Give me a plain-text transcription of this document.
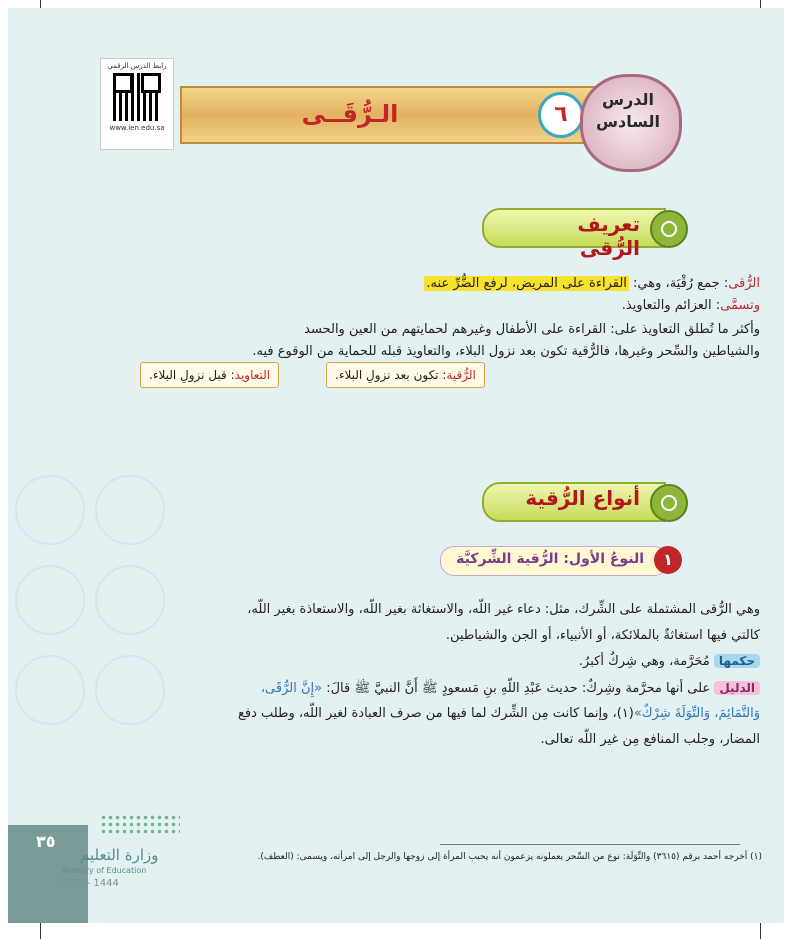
رابط الدرس الرقمي
www.ien.edu.sa	الـرُّقَــى	٦
الدرس
السادس
تعريف الرُّقى
الرُّقى: جمع رُقْيَة، وهي: القراءة على المريض، لرفع الضُّرِّ عنه.
وتسمَّى: العزائم والتعاويذ.
وأكثر ما تُطلق التعاويذ على: القراءة على الأطفال وغيرهم لحمايتهم من العين والحسد
والشياطين والسِّحر وغيرها، فالرُّقية تكون بعد نزول البلاء، والتعاويذ قبله للحماية من الوقوع فيه.
الرُّقية: تكون بعد نزولِ البلاء.
التعاويذ: قبل نزولِ البلاء.
أنواع الرُّقية
١
النوعُ الأول: الرُّقية الشِّركيَّة
وهي الرُّقى المشتملة على الشِّرك، مثل: دعاء غير اللّه، والاستغاثة بغير اللّه، والاستعاذة بغير اللّه،
كالتي فيها استغاثةٌ بالملائكة، أو الأنبياء، أو الجن والشياطين.
حكمها مُحَرَّمة، وهي شِركٌ أكبرُ.
الدليل على أنها محرَّمة وشِركٌ: حديث عَبْدِ اللّهِ بنِ مَسعودٍ ﷺ أَنَّ النبيَّ ﷺ قالَ: «إِنَّ الرُّقَى،
وَالتَّمَائِمَ، وَالتِّوَلَةَ شِرْكٌ»(١)، وإنما كانت مِن الشِّرك لما فيها من صرف العبادة لغير اللّه، وطلب دفع
المضار، وجلب المنافع مِن غير اللّه تعالى.
(١) أخرجه أحمد برقم (٣٦١٥) والتِّوَلَة: نوع من السِّحر يعملونه يزعمون أنه يحبب المرأة إلى زوجها والرجل إلى امرأته، ويسمى: (العطف).
٣٥
وزارة التعليم
Ministry of Education
2022 - 1444
